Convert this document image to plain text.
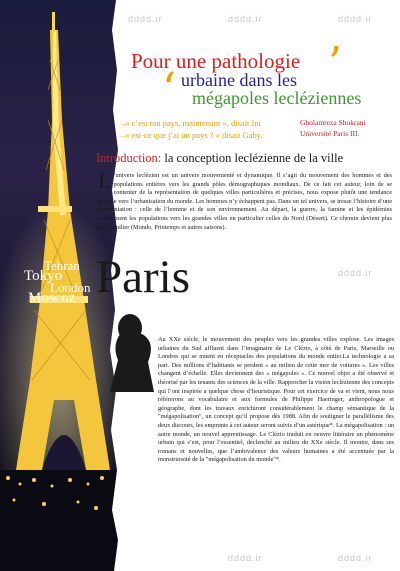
dddd.ir	dddd.ir	dddd.ir
dddd.ir
dddd.ir	dddd.ir
‘
’
Pour une pathologie
urbaine dans les
mégapoles lecléziennes
–« c’est ton pays, maintenant », disait Ini
–« est-ce que j’ai un pays ? » disait Gaby.
Gholamreza Shokrani
Université Paris III.
Introduction: la conception leclézienne de la ville
L ’univers leclézien est un univers mouvementé et dynamique. Il s’agit du mouvement des hommes et des populations entières vers les grands pôles démographiques mondiaux. De ce fait cet auteur, loin de se contenter de la représentation de quelques villes particulières et précises, nous expose plutôt une tendance globale vers l’urbanisation du monde. Les hommes n’y échappent pas. Dans un tel univers, se tresse l’histoire d’une confrontation : celle de l’homme et de son environnement. Au départ, la guerre, la famine et les épidémies acheminent les populations vers les grandes villes en particulier celles du Nord (Désert). Ce chemin devient plus tard familier (Mondo, Printemps et autres saisons).
Tehran
Tokyo
London
Moscoz Paris
Au XXe siècle, le mouvement des peuples vers les grandes villes explose. Les images urbaines du Sud affluent dans l’imaginaire de Le Clézio, à côté de Paris, Marseille ou Londres qui se muent en réceptacles des populations du monde entier.La technologie a sa part. Des millions d’habitants se perdent « au milieu de cette mer de voitures ». Les villes changent d’échelle. Elles deviennent des « mégapoles ». Ce nouvel objet a été observé et théorisé par les tenants des sciences de la ville. Rapprocher la vision leclézienne des concepts qui l’ont inspirée a quelque chose d’heuristique. Pour cet exercice de va et vient, nous nous référerons au vocabulaire et aux formules de Philippe Haeringer, anthropologue et géographe, dont les travaux enrichiront considérablement le champ sémantique de la "mégapolisation", un concept qu’il propose dès 1988. Afin de souligner le parallélisme des deux discours, les emprunts à cet auteur seront suivis d’un astérique*. La mégapolisation : un autre monde, un nouvel apprentissage. Le Clézio traduit en oeuvre littéraire un phénomène urbain qui s’est, pour l’essentiel, déclenché au milieu du XXe siècle. Il montre, dans ses romans et nouvelles, que l’ambivalence des valeurs humaines a été accentuée par la monstruosité de la "mégapolisation du monde"*.
